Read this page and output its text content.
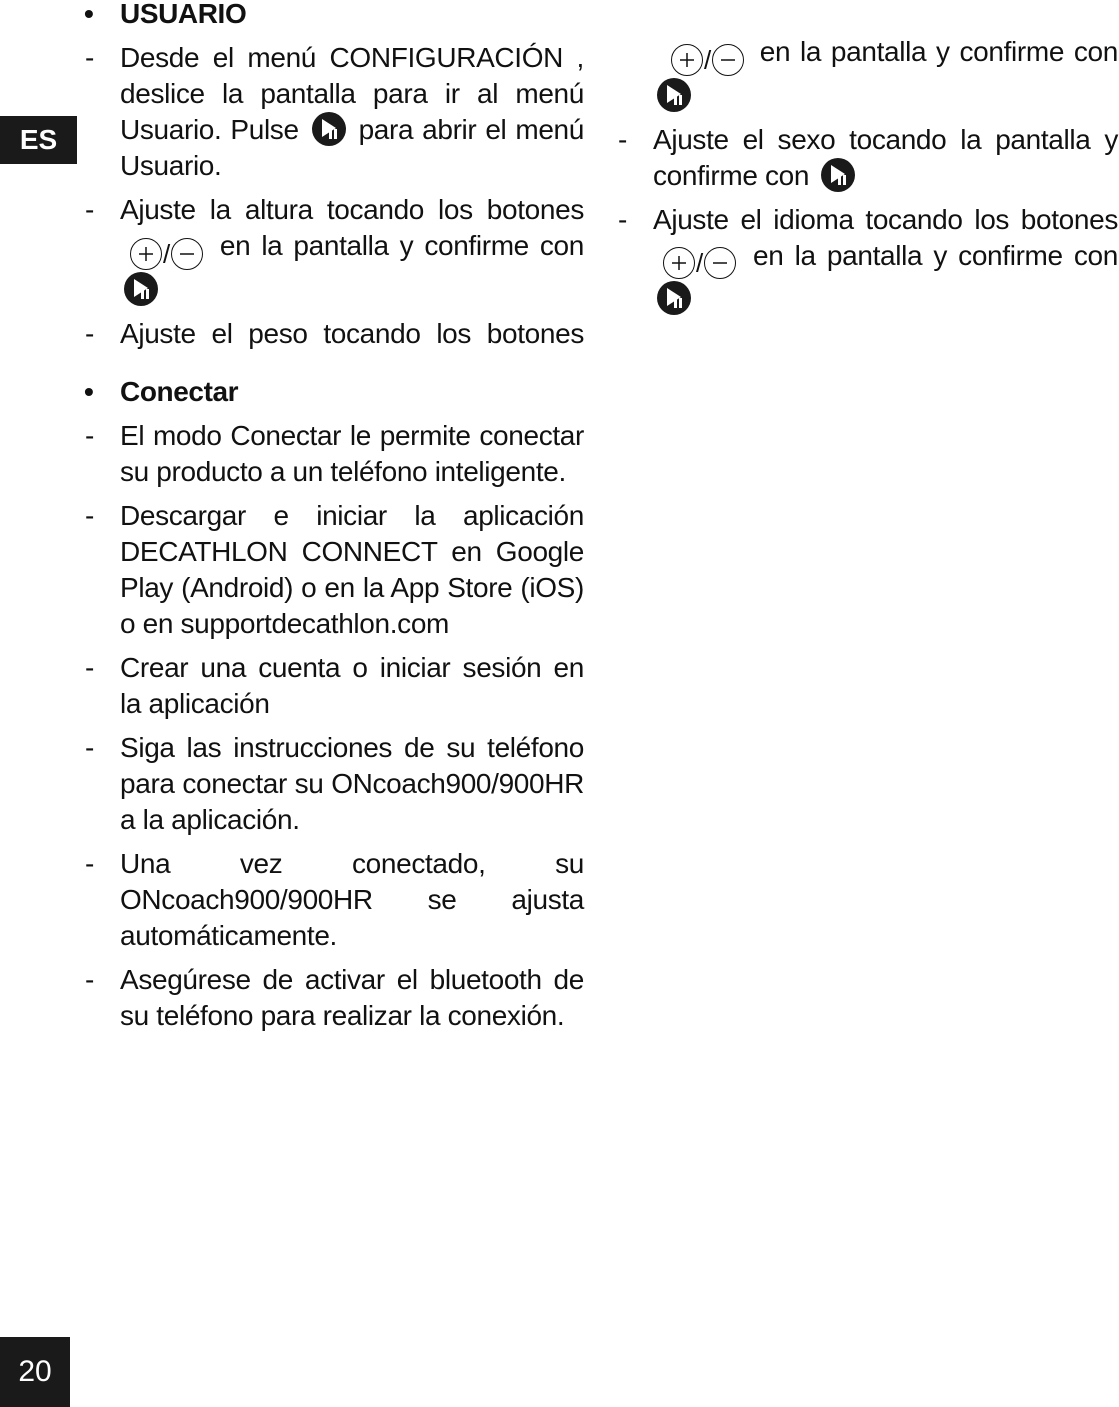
ES
• USUARIO
- Desde el menú CONFIGURACIÓN , deslice la pantalla para ir al menú Usuario. Pulse para abrir el menú Usuario.
- Ajuste la altura tocando los botones
/ en la pantalla y confirme con
- Ajuste el peso tocando los botones
• Conectar
- El modo Conectar le permite conectar su producto a un teléfono inteligente.
- Descargar e iniciar la aplicación DECATHLON CONNECT en Google Play (Android) o en la App Store (iOS) o en supportdecathlon.com
- Crear una cuenta o iniciar sesión en la aplicación
- Siga las instrucciones de su teléfono para conectar su ONcoach900/900HR a la aplicación.
- Una vez conectado, su ONcoach900/900HR se ajusta automáticamente.
- Asegúrese de activar el bluetooth de su teléfono para realizar la conexión.
/ en la pantalla y confirme con
- Ajuste el sexo tocando la pantalla y confirme con
- Ajuste el idioma tocando los botones
/ en la pantalla y confirme con
20
